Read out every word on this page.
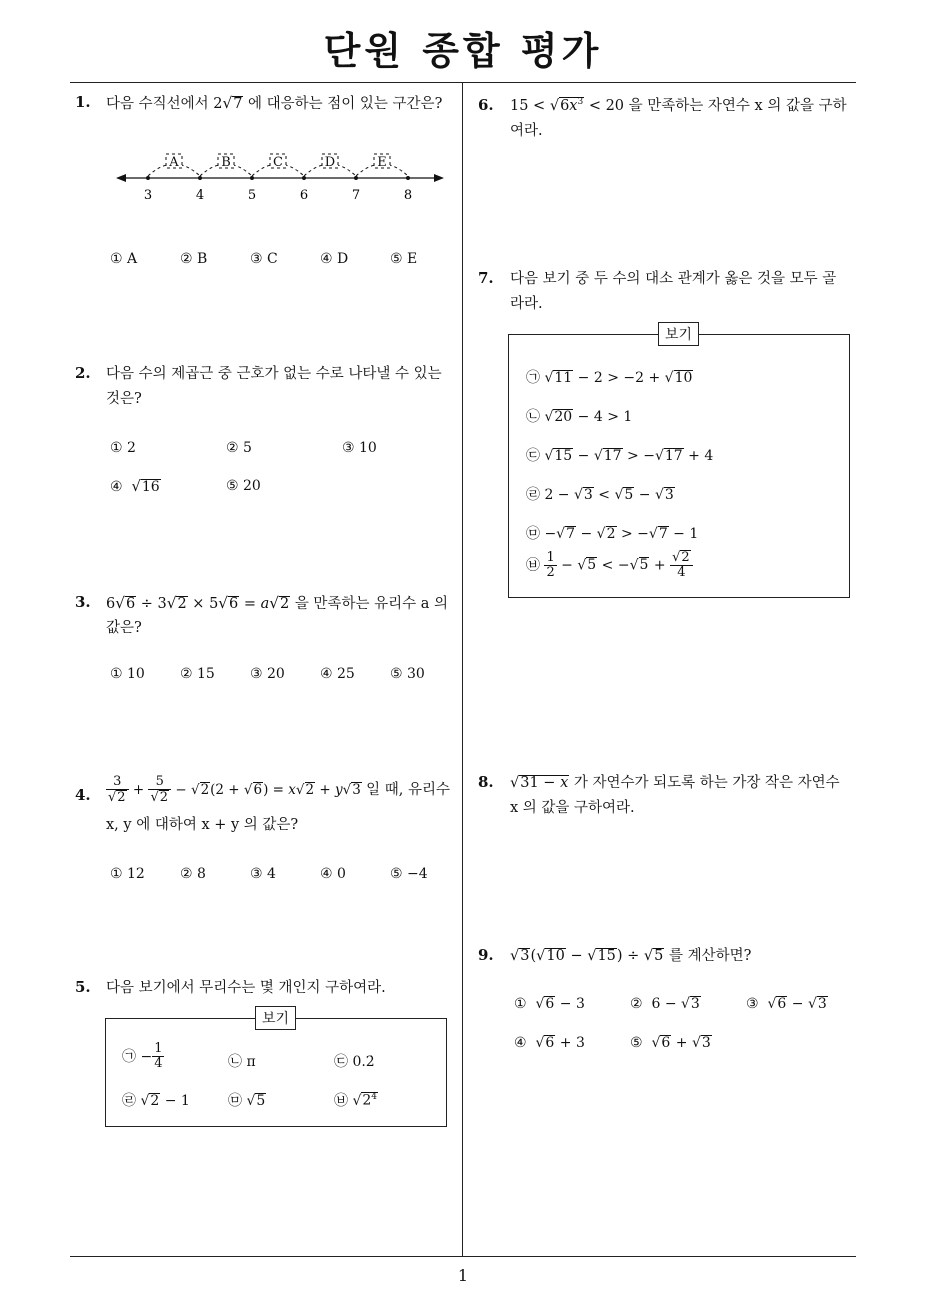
단원 종합 평가
1
1. 다음 수직선에서 2√7 에 대응하는 점이 있는 구간은?
3	4	5	6	7	8
A	B	C	D	E
① A	② B	③ C	④ D	⑤ E
2. 다음 수의 제곱근 중 근호가 없는 수로 나타낼 수 있는
것은?
① 2	② 5	③ 10
④ √16	⑤ 20
3. 6√6 ÷ 3√2 × 5√6 = a√2 을 만족하는 유리수 a 의
값은?
① 10	② 15	③ 20	④ 25	⑤ 30
4. $\frac{3}{√2} + \frac{5}{√2} - √2(2 + √6) = x√2 + y√3$ 일 때, 유리수
x, y 에 대하여 x + y 의 값은?
① 12	② 8	③ 4	④ 0	⑤ −4
5. 다음 보기에서 무리수는 몇 개인지 구하여라.
보기
㉠ − $\frac{1}{4}$	㉡ π	㉢ 0.2̇
㉣ √2 − 1	㉤ √5	㉥ $√2^4$
6. $15 < √6x^3 < 20$ 을 만족하는 자연수 x 의 값을 구하
여라.
7. 다음 보기 중 두 수의 대소 관계가 옳은 것을 모두 골
라라.
보기
㉠ √11 − 2 > −2 + √10
㉡ √20 − 4 > 1
㉢ √15 − √17 > −√17 + 4
㉣ 2 − √3 < √5 − √3
㉤ −√7 − √2 > −√7 − 1
㉥ $\frac{1}{2} - √5 < -√5 + \frac{√2}{4}$
8. √31 − x 가 자연수가 되도록 하는 가장 작은 자연수
x 의 값을 구하여라.
9. √3(√10 − √15) ÷ √5 를 계산하면?
①  √6 − 3	②  6 − √3	③  √6 − √3
④  √6 + 3	⑤  √6 + √3
